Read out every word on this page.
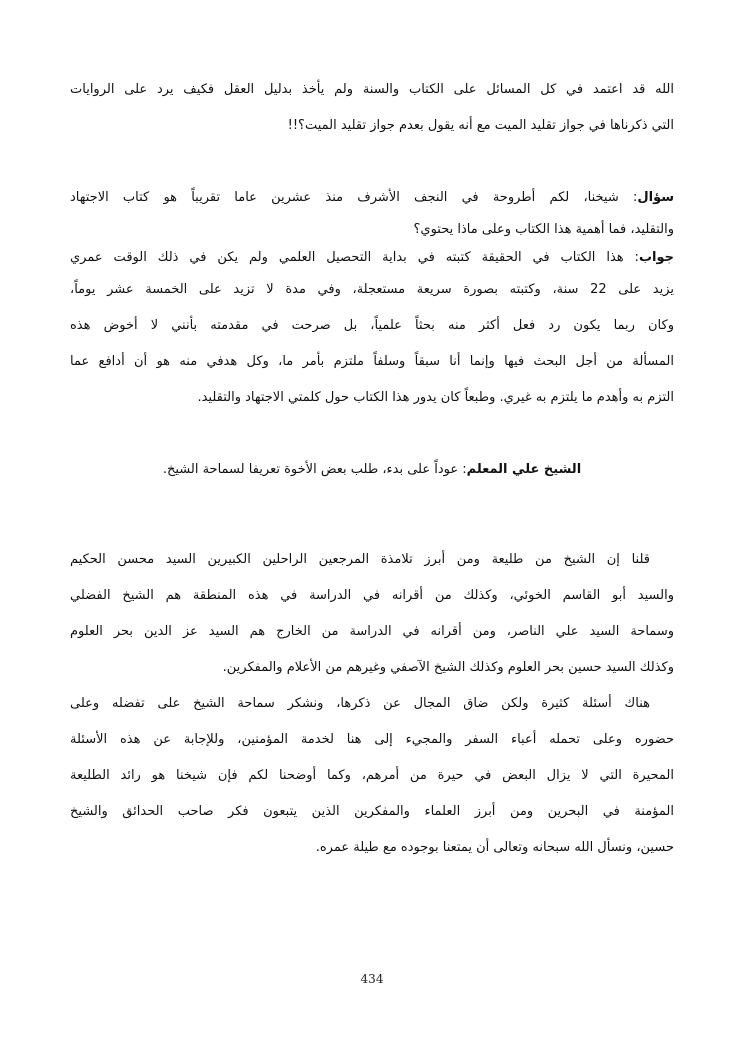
الله قد اعتمد في كل المسائل على الكتاب والسنة ولم يأخذ بدليل العقل فكيف يرد على الروايات
التي ذكرناها في جواز تقليد الميت مع أنه يقول بعدم جواز تقليد الميت؟!!
سؤال: شيخنا، لكم أطروحة في النجف الأشرف منذ عشرين عاما تقريباً هو كتاب الاجتهاد
والتقليد، فما أهمية هذا الكتاب وعلى ماذا يحتوي؟
جواب: هذا الكتاب في الحقيقة كتبته في بداية التحصيل العلمي ولم يكن في ذلك الوقت عمري
يزيد على 22 سنة، وكتبته بصورة سريعة مستعجلة، وفي مدة لا تزيد على الخمسة عشر يوماً،
وكان ربما يكون رد فعل أكثر منه بحثاً علمياً، بل صرحت في مقدمته بأنني لا أخوض هذه
المسألة من أجل البحث فيها وإنما أنا سبقاً وسلفاً ملتزم بأمر ما، وكل هدفي منه هو أن أدافع عما
التزم به وأهدم ما يلتزم به غيري. وطبعاً كان يدور هذا الكتاب حول كلمتي الاجتهاد والتقليد.
الشيخ علي المعلم: عوداً على بدء، طلب بعض الأخوة تعريفا لسماحة الشيخ.
قلنا إن الشيخ من طليعة ومن أبرز تلامذة المرجعين الراحلين الكبيرين السيد محسن الحكيم
والسيد أبو القاسم الخوئي، وكذلك من أقرانه في الدراسة في هذه المنطقة هم الشيخ الفضلي
وسماحة السيد علي الناصر، ومن أقرانه في الدراسة من الخارج هم السيد عز الدين بحر العلوم
وكذلك السيد حسين بحر العلوم وكذلك الشيخ الآصفي وغيرهم من الأعلام والمفكرين.
هناك أسئلة كثيرة ولكن ضاق المجال عن ذكرها، ونشكر سماحة الشيخ على تفضله وعلى
حضوره وعلى تحمله أعباء السفر والمجيء إلى هنا لخدمة المؤمنين، وللإجابة عن هذه الأسئلة
المحيرة التي لا يزال البعض في حيرة من أمرهم، وكما أوضحنا لكم فإن شيخنا هو رائد الطليعة
المؤمنة في البحرين ومن أبرز العلماء والمفكرين الذين يتبعون فكر صاحب الحدائق والشيخ
حسين، ونسأل الله سبحانه وتعالى أن يمتعنا بوجوده مع طيلة عمره.
434
